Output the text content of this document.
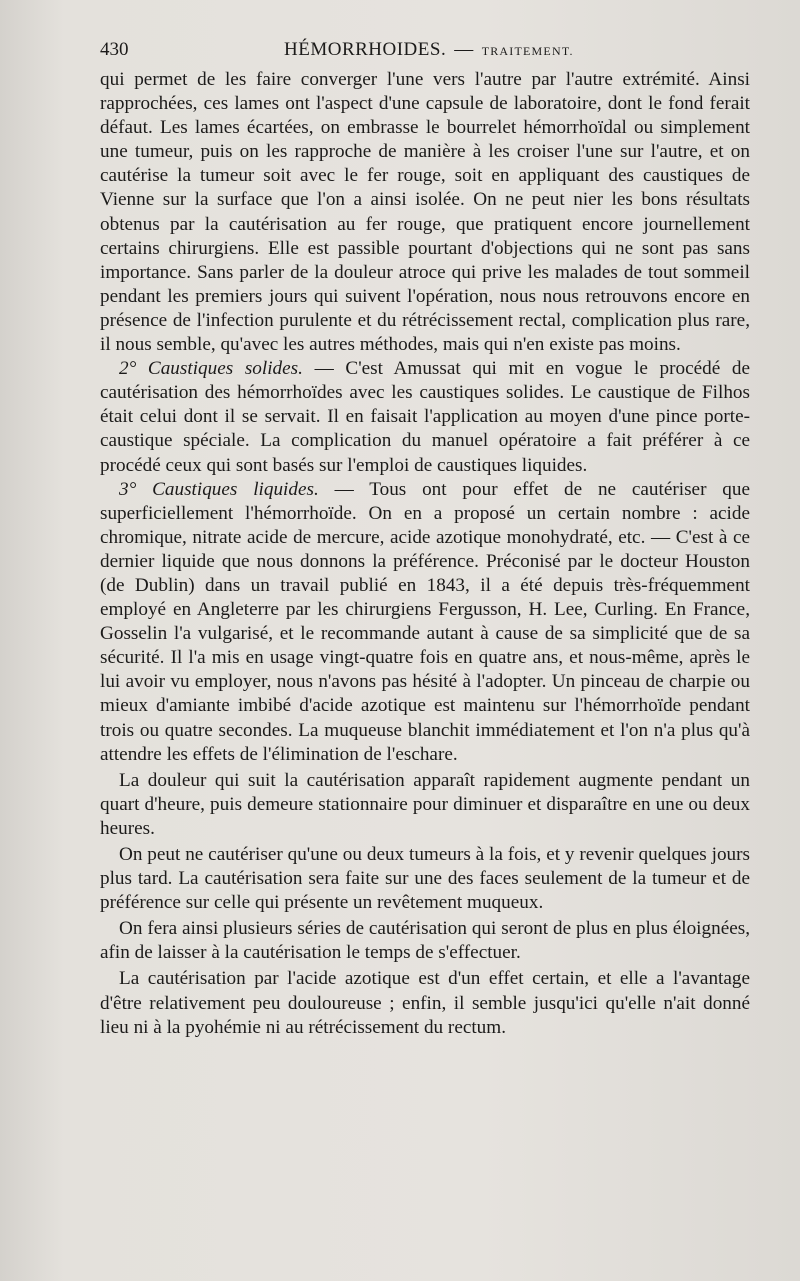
430	HÉMORRHOIDES. — TRAITEMENT.

qui permet de les faire converger l'une vers l'autre par l'autre extrémité. Ainsi rapprochées, ces lames ont l'aspect d'une capsule de laboratoire, dont le fond ferait défaut. Les lames écartées, on embrasse le bourrelet hémorrhoïdal ou simplement une tumeur, puis on les rapproche de manière à les croiser l'une sur l'autre, et on cautérise la tumeur soit avec le fer rouge, soit en appliquant des caustiques de Vienne sur la surface que l'on a ainsi isolée. On ne peut nier les bons résultats obtenus par la cautérisation au fer rouge, que pratiquent encore journellement certains chirurgiens. Elle est passible pourtant d'objections qui ne sont pas sans importance. Sans parler de la douleur atroce qui prive les malades de tout sommeil pendant les premiers jours qui suivent l'opération, nous nous retrouvons encore en présence de l'infection purulente et du rétrécissement rectal, complication plus rare, il nous semble, qu'avec les autres méthodes, mais qui n'en existe pas moins.

2° Caustiques solides. — C'est Amussat qui mit en vogue le procédé de cautérisation des hémorrhoïdes avec les caustiques solides. Le caustique de Filhos était celui dont il se servait. Il en faisait l'application au moyen d'une pince porte-caustique spéciale. La complication du manuel opératoire a fait préférer à ce procédé ceux qui sont basés sur l'emploi de caustiques liquides.

3° Caustiques liquides. — Tous ont pour effet de ne cautériser que superficiellement l'hémorrhoïde. On en a proposé un certain nombre : acide chromique, nitrate acide de mercure, acide azotique monohydraté, etc. — C'est à ce dernier liquide que nous donnons la préférence. Préconisé par le docteur Houston (de Dublin) dans un travail publié en 1843, il a été depuis très-fréquemment employé en Angleterre par les chirurgiens Fergusson, H. Lee, Curling. En France, Gosselin l'a vulgarisé, et le recommande autant à cause de sa simplicité que de sa sécurité. Il l'a mis en usage vingt-quatre fois en quatre ans, et nous-même, après le lui avoir vu employer, nous n'avons pas hésité à l'adopter. Un pinceau de charpie ou mieux d'amiante imbibé d'acide azotique est maintenu sur l'hémorrhoïde pendant trois ou quatre secondes. La muqueuse blanchit immédiatement et l'on n'a plus qu'à attendre les effets de l'élimination de l'eschare.

La douleur qui suit la cautérisation apparaît rapidement augmente pendant un quart d'heure, puis demeure stationnaire pour diminuer et disparaître en une ou deux heures.

On peut ne cautériser qu'une ou deux tumeurs à la fois, et y revenir quelques jours plus tard. La cautérisation sera faite sur une des faces seulement de la tumeur et de préférence sur celle qui présente un revêtement muqueux.

On fera ainsi plusieurs séries de cautérisation qui seront de plus en plus éloignées, afin de laisser à la cautérisation le temps de s'effectuer.

La cautérisation par l'acide azotique est d'un effet certain, et elle a l'avantage d'être relativement peu douloureuse ; enfin, il semble jusqu'ici qu'elle n'ait donné lieu ni à la pyohémie ni au rétrécissement du rectum.
